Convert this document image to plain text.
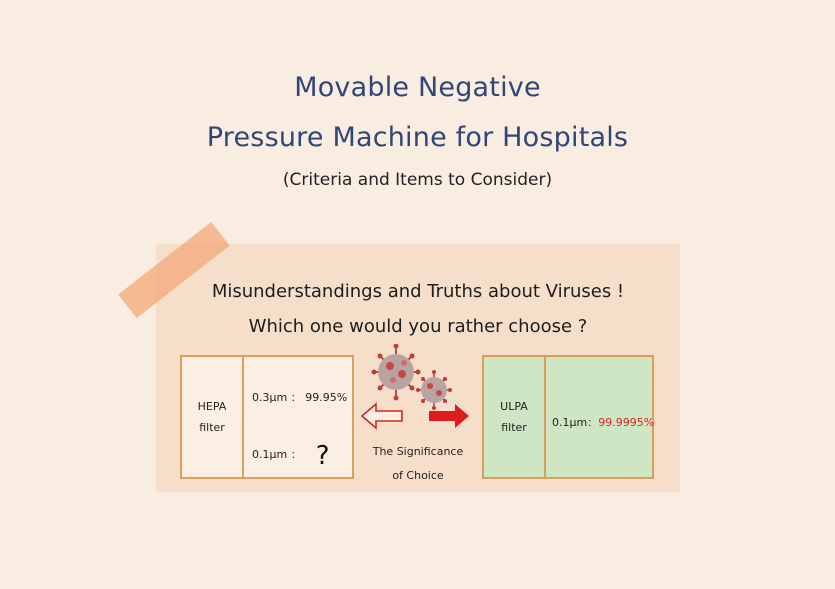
Movable Negative
Pressure Machine for Hospitals
(Criteria and Items to Consider)
Misunderstandings and Truths about Viruses !
Which one would you rather choose ?
HEPA
filter
0.3μm ： 99.95%
0.1μm ： ?
ULPA
filter 0.1μm：99.9995%
The Significance
of Choice
